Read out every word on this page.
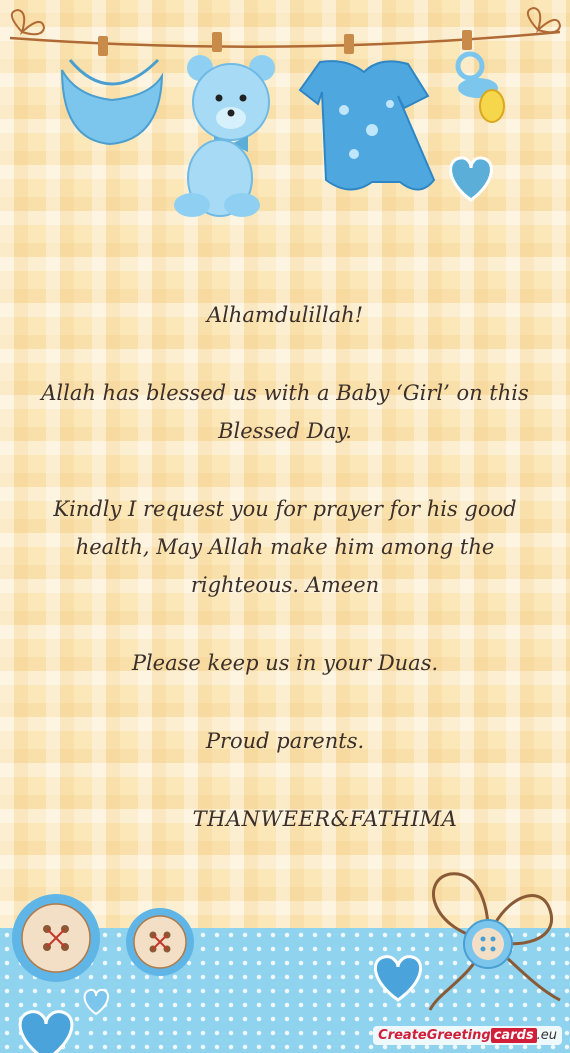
Alhamdulillah!

Allah has blessed us with a Baby ‘Girl’ on this Blessed Day.

Kindly I request you for prayer for his good health, May Allah make him among the righteous. Ameen

Please keep us in your Duas.

Proud parents.

THANWEER&FATHIMA

CreateGreeting cards .eu
